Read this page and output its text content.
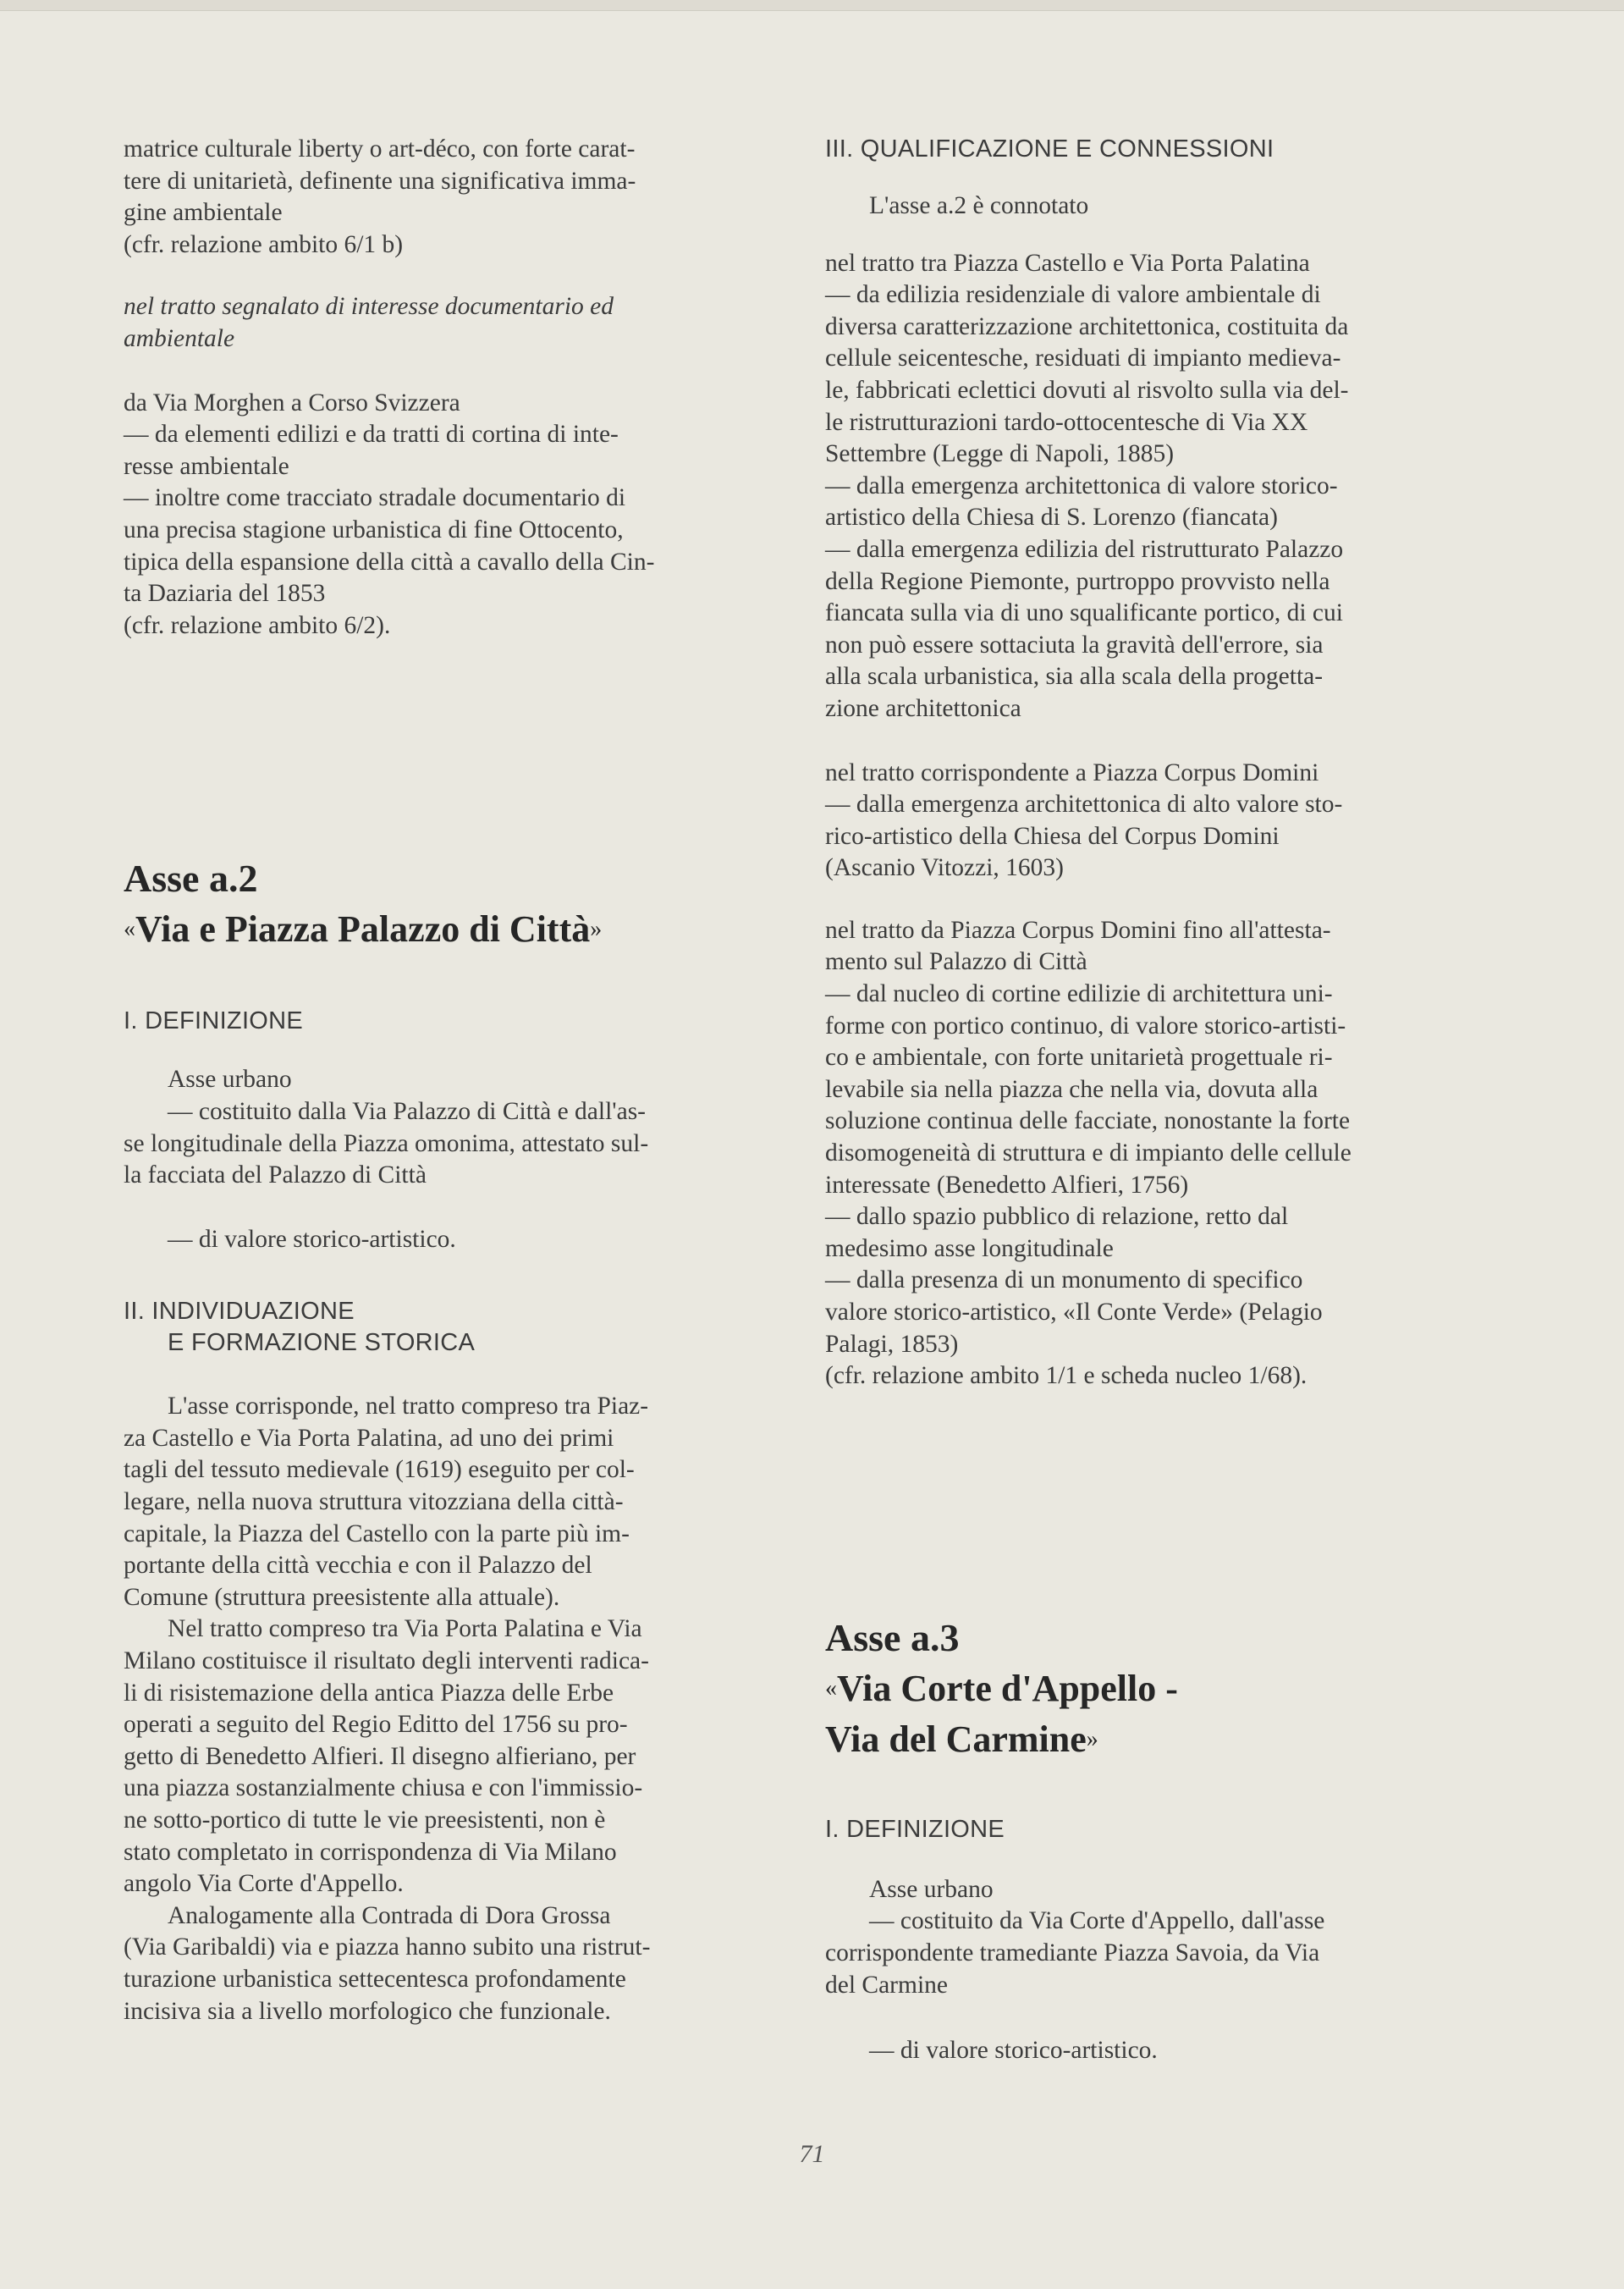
matrice culturale liberty o art-déco, con forte carat-
tere di unitarietà, definente una significativa imma-
gine ambientale
(cfr. relazione ambito 6/1 b)

nel tratto segnalato di interesse documentario ed
ambientale

da Via Morghen a Corso Svizzera
— da elementi edilizi e da tratti di cortina di inte-
resse ambientale
— inoltre come tracciato stradale documentario di
una precisa stagione urbanistica di fine Ottocento,
tipica della espansione della città a cavallo della Cin-
ta Daziaria del 1853
(cfr. relazione ambito 6/2).

Asse a.2

«Via e Piazza Palazzo di Città»

I. DEFINIZIONE

Asse urbano
— costituito dalla Via Palazzo di Città e dall'as-
se longitudinale della Piazza omonima, attestato sul-
la facciata del Palazzo di Città

— di valore storico-artistico.

II. INDIVIDUAZIONE
E FORMAZIONE STORICA

L'asse corrisponde, nel tratto compreso tra Piaz-
za Castello e Via Porta Palatina, ad uno dei primi
tagli del tessuto medievale (1619) eseguito per col-
legare, nella nuova struttura vitozziana della città-
capitale, la Piazza del Castello con la parte più im-
portante della città vecchia e con il Palazzo del
Comune (struttura preesistente alla attuale).
Nel tratto compreso tra Via Porta Palatina e Via
Milano costituisce il risultato degli interventi radica-
li di risistemazione della antica Piazza delle Erbe
operati a seguito del Regio Editto del 1756 su pro-
getto di Benedetto Alfieri. Il disegno alfieriano, per
una piazza sostanzialmente chiusa e con l'immissio-
ne sotto-portico di tutte le vie preesistenti, non è
stato completato in corrispondenza di Via Milano
angolo Via Corte d'Appello.
Analogamente alla Contrada di Dora Grossa
(Via Garibaldi) via e piazza hanno subito una ristrut-
turazione urbanistica settecentesca profondamente
incisiva sia a livello morfologico che funzionale.

III. QUALIFICAZIONE E CONNESSIONI

L'asse a.2 è connotato

nel tratto tra Piazza Castello e Via Porta Palatina
— da edilizia residenziale di valore ambientale di
diversa caratterizzazione architettonica, costituita da
cellule seicentesche, residuati di impianto medieva-
le, fabbricati eclettici dovuti al risvolto sulla via del-
le ristrutturazioni tardo-ottocentesche di Via XX
Settembre (Legge di Napoli, 1885)
— dalla emergenza architettonica di valore storico-
artistico della Chiesa di S. Lorenzo (fiancata)
— dalla emergenza edilizia del ristrutturato Palazzo
della Regione Piemonte, purtroppo provvisto nella
fiancata sulla via di uno squalificante portico, di cui
non può essere sottaciuta la gravità dell'errore, sia
alla scala urbanistica, sia alla scala della progetta-
zione architettonica

nel tratto corrispondente a Piazza Corpus Domini
— dalla emergenza architettonica di alto valore sto-
rico-artistico della Chiesa del Corpus Domini
(Ascanio Vitozzi, 1603)

nel tratto da Piazza Corpus Domini fino all'attesta-
mento sul Palazzo di Città
— dal nucleo di cortine edilizie di architettura uni-
forme con portico continuo, di valore storico-artisti-
co e ambientale, con forte unitarietà progettuale ri-
levabile sia nella piazza che nella via, dovuta alla
soluzione continua delle facciate, nonostante la forte
disomogeneità di struttura e di impianto delle cellule
interessate (Benedetto Alfieri, 1756)
— dallo spazio pubblico di relazione, retto dal
medesimo asse longitudinale
— dalla presenza di un monumento di specifico
valore storico-artistico, «Il Conte Verde» (Pelagio
Palagi, 1853)
(cfr. relazione ambito 1/1 e scheda nucleo 1/68).

Asse a.3

«Via Corte d'Appello -

Via del Carmine»

I. DEFINIZIONE

Asse urbano
— costituito da Via Corte d'Appello, dall'asse
corrispondente tramediante Piazza Savoia, da Via
del Carmine

— di valore storico-artistico.

71
